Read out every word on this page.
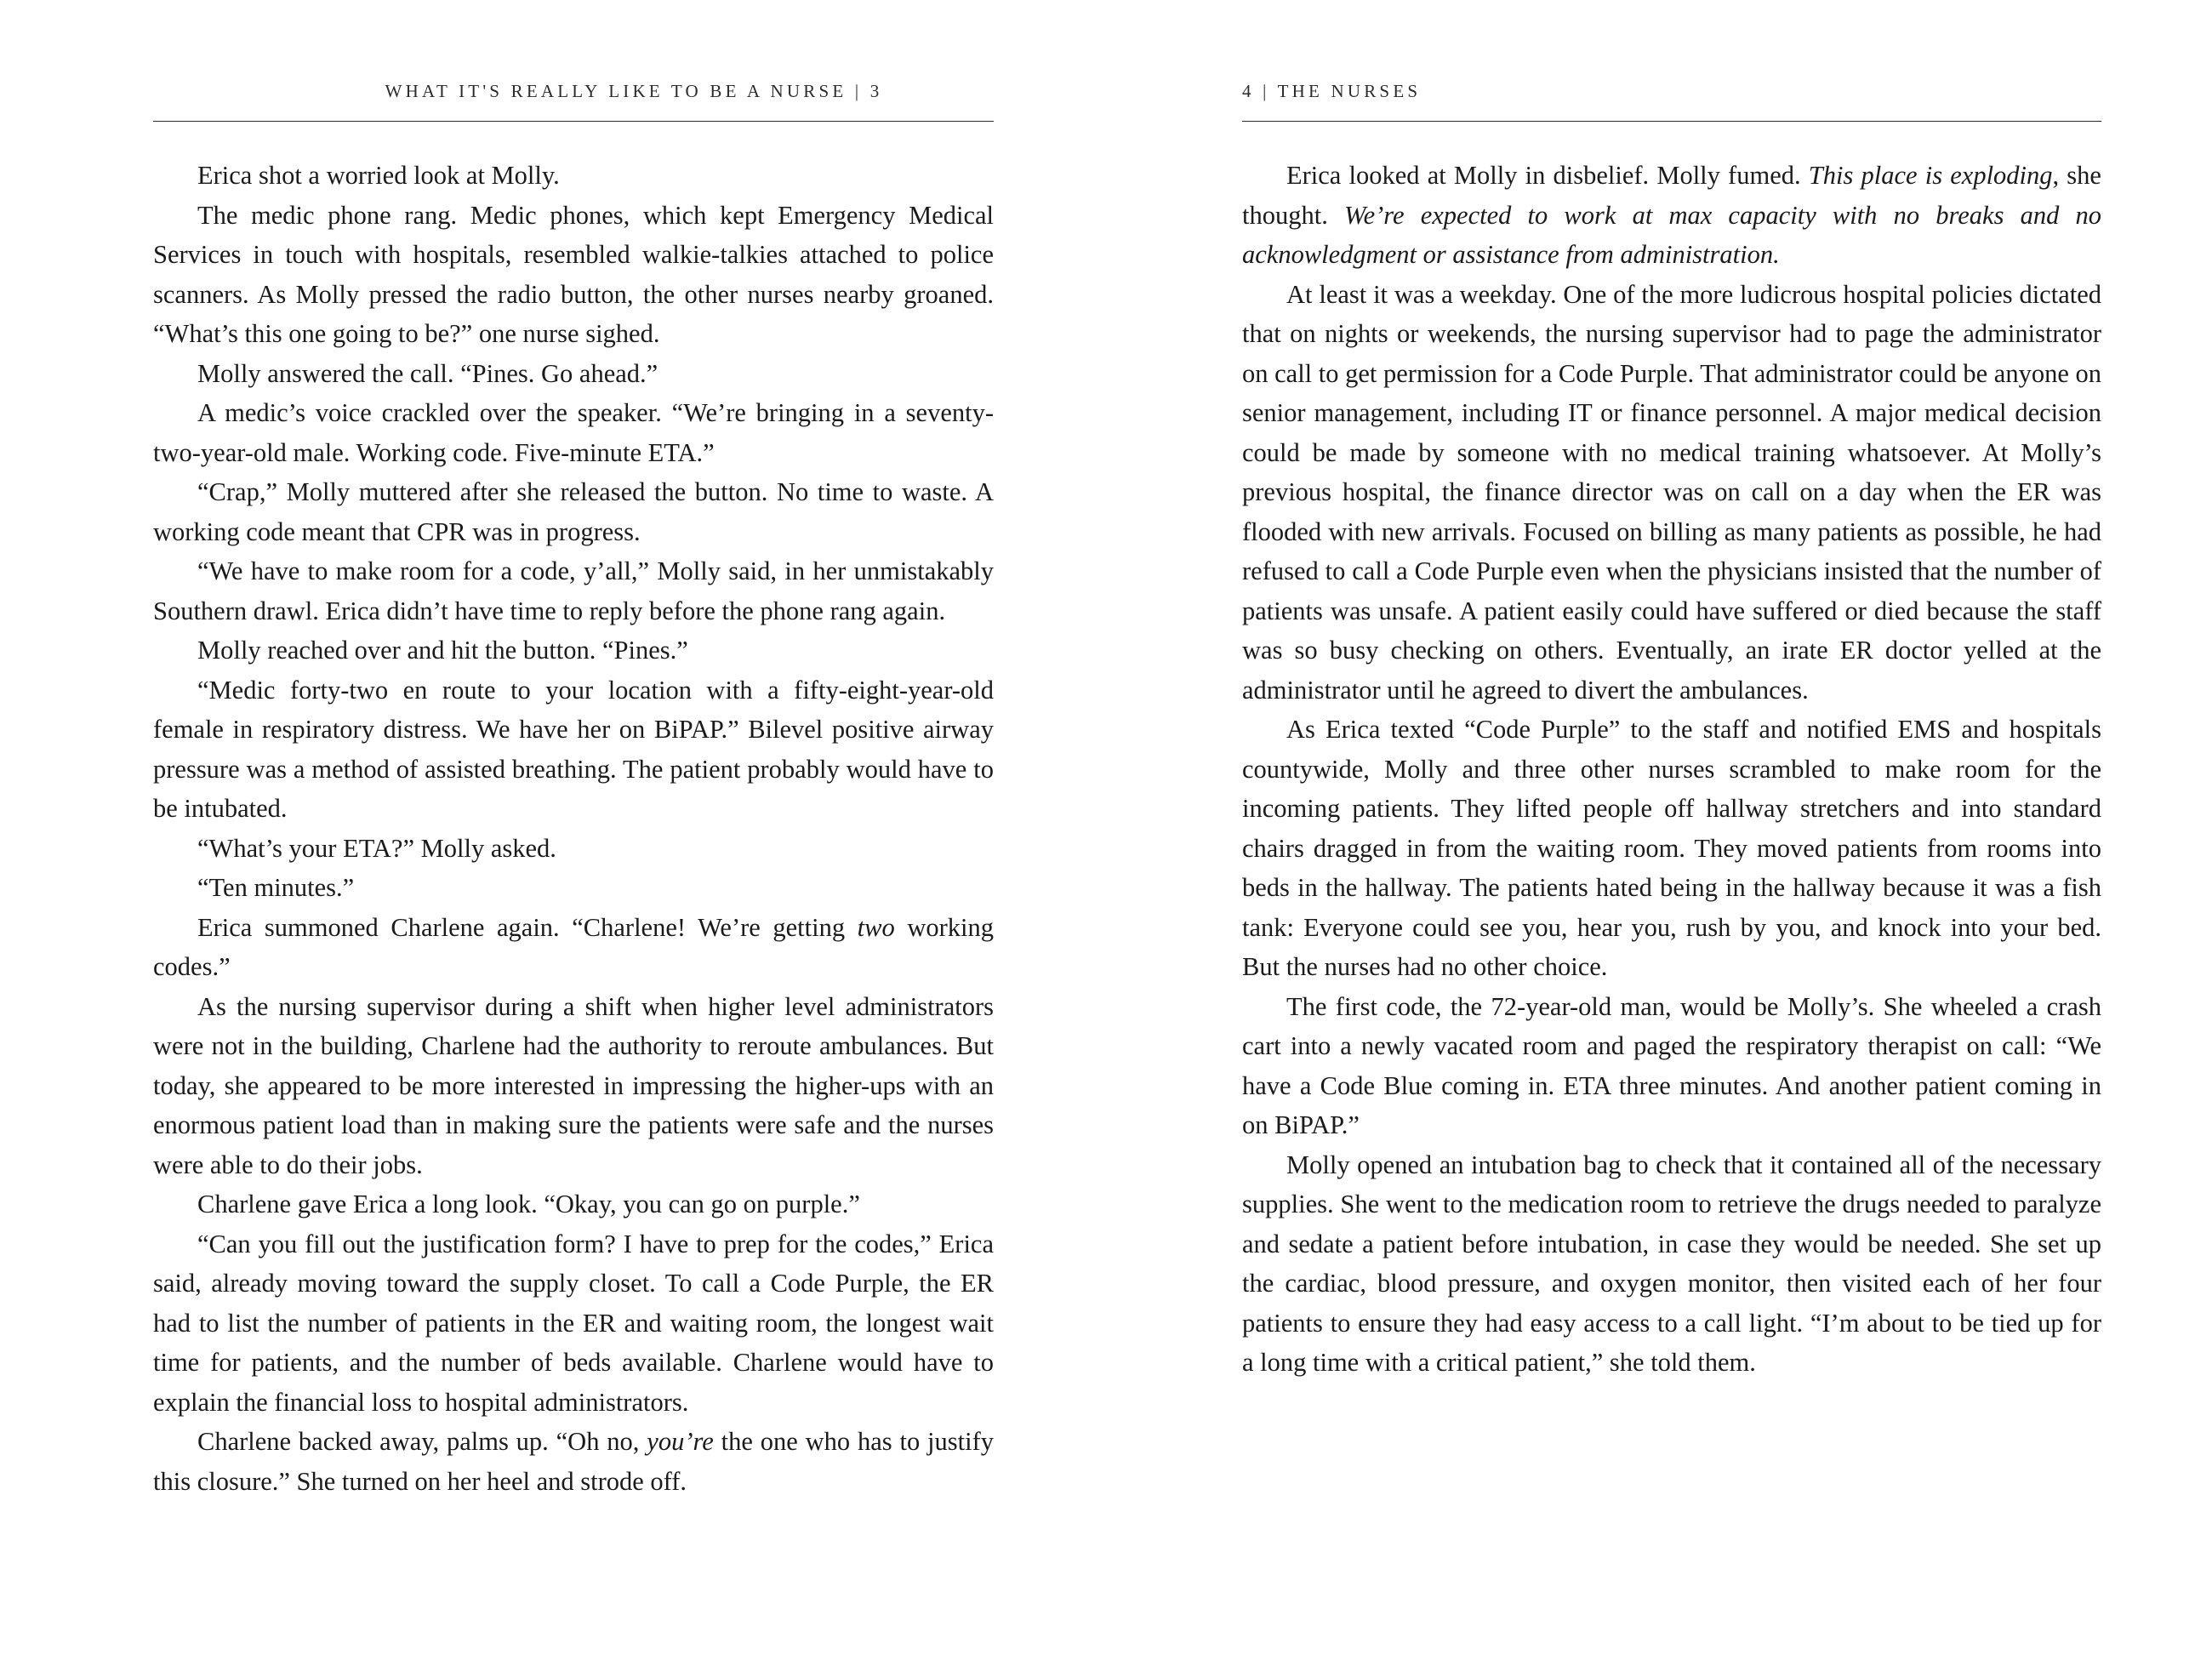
WHAT IT'S REALLY LIKE TO BE A NURSE | 3

Erica shot a worried look at Molly.

The medic phone rang. Medic phones, which kept Emergency Medical Services in touch with hospitals, resembled walkie-talkies attached to police scanners. As Molly pressed the radio button, the other nurses nearby groaned. “What’s this one going to be?” one nurse sighed.

Molly answered the call. “Pines. Go ahead.”

A medic’s voice crackled over the speaker. “We’re bringing in a seventy-two-year-old male. Working code. Five-minute ETA.”

“Crap,” Molly muttered after she released the button. No time to waste. A working code meant that CPR was in progress.

“We have to make room for a code, y’all,” Molly said, in her unmistakably Southern drawl. Erica didn’t have time to reply before the phone rang again.

Molly reached over and hit the button. “Pines.”

“Medic forty-two en route to your location with a fifty-eight-year-old female in respiratory distress. We have her on BiPAP.” Bilevel positive airway pressure was a method of assisted breathing. The patient probably would have to be intubated.

“What’s your ETA?” Molly asked.

“Ten minutes.”

Erica summoned Charlene again. “Charlene! We’re getting two working codes.”

As the nursing supervisor during a shift when higher level administrators were not in the building, Charlene had the authority to reroute ambulances. But today, she appeared to be more interested in impressing the higher-ups with an enormous patient load than in making sure the patients were safe and the nurses were able to do their jobs.

Charlene gave Erica a long look. “Okay, you can go on purple.”

“Can you fill out the justification form? I have to prep for the codes,” Erica said, already moving toward the supply closet. To call a Code Purple, the ER had to list the number of patients in the ER and waiting room, the longest wait time for patients, and the number of beds available. Charlene would have to explain the financial loss to hospital administrators.

Charlene backed away, palms up. “Oh no, you’re the one who has to justify this closure.” She turned on her heel and strode off.

4 | THE NURSES

Erica looked at Molly in disbelief. Molly fumed. This place is exploding, she thought. We’re expected to work at max capacity with no breaks and no acknowledgment or assistance from administration.

At least it was a weekday. One of the more ludicrous hospital policies dictated that on nights or weekends, the nursing supervisor had to page the administrator on call to get permission for a Code Purple. That administrator could be anyone on senior management, including IT or finance personnel. A major medical decision could be made by someone with no medical training whatsoever. At Molly’s previous hospital, the finance director was on call on a day when the ER was flooded with new arrivals. Focused on billing as many patients as possible, he had refused to call a Code Purple even when the physicians insisted that the number of patients was unsafe. A patient easily could have suffered or died because the staff was so busy checking on others. Eventually, an irate ER doctor yelled at the administrator until he agreed to divert the ambulances.

As Erica texted “Code Purple” to the staff and notified EMS and hospitals countywide, Molly and three other nurses scrambled to make room for the incoming patients. They lifted people off hallway stretchers and into standard chairs dragged in from the waiting room. They moved patients from rooms into beds in the hallway. The patients hated being in the hallway because it was a fish tank: Everyone could see you, hear you, rush by you, and knock into your bed. But the nurses had no other choice.

The first code, the 72-year-old man, would be Molly’s. She wheeled a crash cart into a newly vacated room and paged the respiratory therapist on call: “We have a Code Blue coming in. ETA three minutes. And another patient coming in on BiPAP.”

Molly opened an intubation bag to check that it contained all of the necessary supplies. She went to the medication room to retrieve the drugs needed to paralyze and sedate a patient before intubation, in case they would be needed. She set up the cardiac, blood pressure, and oxygen monitor, then visited each of her four patients to ensure they had easy access to a call light. “I’m about to be tied up for a long time with a critical patient,” she told them.
